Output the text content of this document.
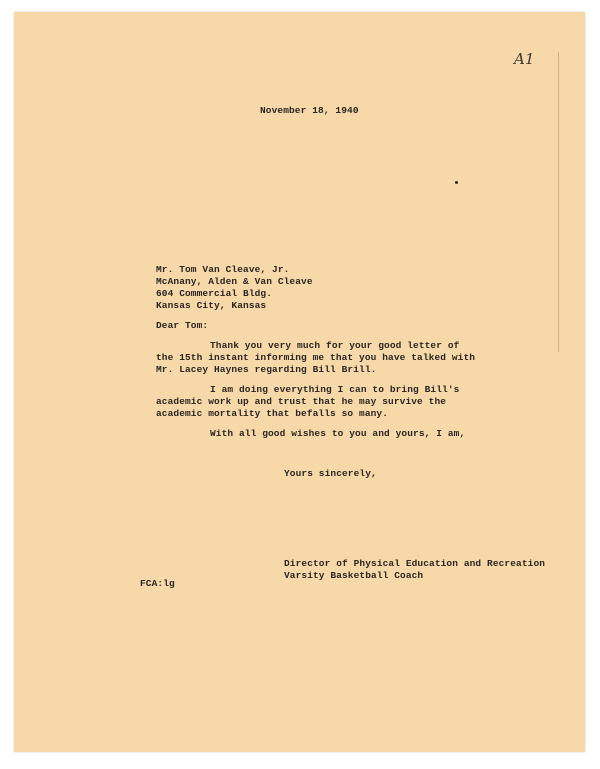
A1

November 18, 1940

Mr. Tom Van Cleave, Jr.

McAnany, Alden & Van Cleave

604 Commercial Bldg.

Kansas City, Kansas

Dear Tom:

Thank you very much for your good letter of

the 15th instant informing me that you have talked with

Mr. Lacey Haynes regarding Bill Brill.

I am doing everything I can to bring Bill's

academic work up and trust that he may survive the

academic mortality that befalls so many.

With all good wishes to you and yours, I am,

Yours sincerely,

Director of Physical Education and Recreation

Varsity Basketball Coach

FCA:lg
